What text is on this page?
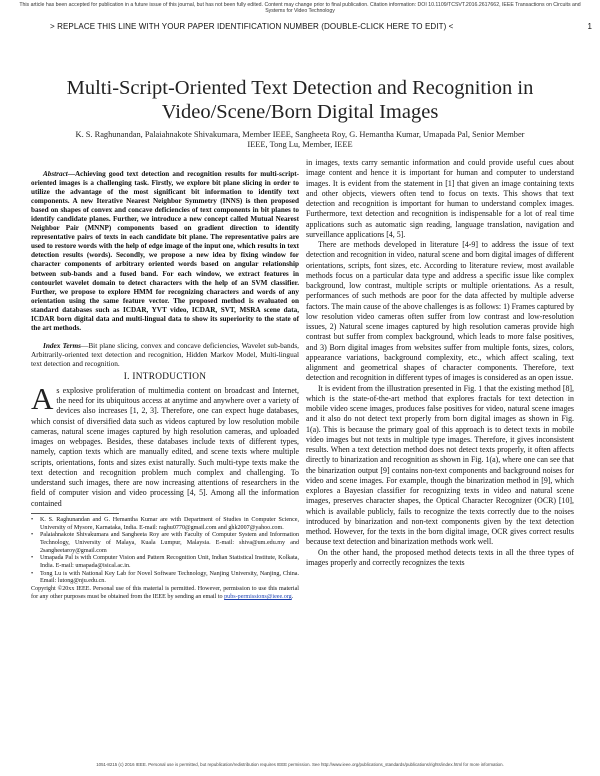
This article has been accepted for publication in a future issue of this journal, but has not been fully edited. Content may change prior to final publication. Citation information: DOI 10.1109/TCSVT.2016.2617662, IEEE Transactions on Circuits and Systems for Video Technology
> REPLACE THIS LINE WITH YOUR PAPER IDENTIFICATION NUMBER (DOUBLE-CLICK HERE TO EDIT) <	1
Multi-Script-Oriented Text Detection and Recognition in Video/Scene/Born Digital Images
K. S. Raghunandan, Palaiahnakote Shivakumara, Member IEEE, Sangheeta Roy, G. Hemantha Kumar, Umapada Pal, Senior Member IEEE, Tong Lu, Member, IEEE

Abstract—Achieving good text detection and recognition results for multi-script-oriented images is a challenging task. Firstly, we explore bit plane slicing in order to utilize the advantage of the most significant bit information to identify text components. A new Iterative Nearest Neighbor Symmetry (INNS) is then proposed based on shapes of convex and concave deficiencies of text components in bit planes to identify candidate planes. Further, we introduce a new concept called Mutual Nearest Neighbor Pair (MNNP) components based on gradient direction to identify representative pairs of texts in each candidate bit plane. The representative pairs are used to restore words with the help of edge image of the input one, which results in text detection results (words). Secondly, we propose a new idea by fixing window for character components of arbitrary oriented words based on angular relationship between sub-bands and a fused band. For each window, we extract features in contourlet wavelet domain to detect characters with the help of an SVM classifier. Further, we propose to explore HMM for recognizing characters and words of any orientation using the same feature vector. The proposed method is evaluated on standard databases such as ICDAR, YVT video, ICDAR, SVT, MSRA scene data, ICDAR born digital data and multi-lingual data to show its superiority to the state of the art methods.

Index Terms—Bit plane slicing, convex and concave deficiencies, Wavelet sub-bands, Arbitrarily-oriented text detection and recognition, Hidden Markov Model, Multi-lingual text detection and recognition.

I. INTRODUCTION

As explosive proliferation of multimedia content on broadcast and Internet, the need for its ubiquitous access at anytime and anywhere over a variety of devices also increases [1, 2, 3]. Therefore, one can expect huge databases, which consist of diversified data such as videos captured by low resolution mobile cameras, natural scene images captured by high resolution cameras, and uploaded images on webpages. Besides, these databases include texts of different types, namely, caption texts which are manually edited, and scene texts where multiple scripts, orientations, fonts and sizes exist naturally. Such multi-type texts make the text detection and recognition problem much complex and challenging. To understand such images, there are now increasing attentions of researchers in the field of computer vision and video processing [4, 5]. Among all the information contained

• K. S. Raghunandan and G. Hemantha Kumar are with Department of Studies in Computer Science, University of Mysore, Karnataka, India. E-mail: raghu0770@gmail.com and ghk2007@yahoo.com.
• Palaiahnakote Shivakumara and Sangheeta Roy are with Faculty of Computer System and Information Technology, University of Malaya, Kuala Lumpur, Malaysia. E-mail: shiva@um.edu.my and 2sangheetaroy@gmail.com
• Umapada Pal is with Computer Vision and Pattern Recognition Unit, Indian Statistical Institute, Kolkata, India. E-mail: umapada@isical.ac.in.
• Tong Lu is with National Key Lab for Novel Software Technology, Nanjing University, Nanjing, China. Email: lutong@nju.edu.cn.

Copyright ©20xx IEEE. Personal use of this material is permitted. However, permission to use this material for any other purposes must be obtained from the IEEE by sending an email to pubs-permissions@ieee.org.

in images, texts carry semantic information and could provide useful cues about image content and hence it is important for human and computer to understand images. It is evident from the statement in [1] that given an image containing texts and other objects, viewers often tend to focus on texts. This shows that text detection and recognition is important for human to understand complex images. Furthermore, text detection and recognition is indispensable for a lot of real time applications such as automatic sign reading, language translation, navigation and surveillance applications [4, 5].

There are methods developed in literature [4-9] to address the issue of text detection and recognition in video, natural scene and born digital images of different orientations, scripts, font sizes, etc. According to literature review, most available methods focus on a particular data type and address a specific issue like complex background, low contrast, multiple scripts or multiple orientations. As a result, performances of such methods are poor for the data affected by multiple adverse factors. The main cause of the above challenges is as follows: 1) Frames captured by low resolution video cameras often suffer from low contrast and low-resolution issues, 2) Natural scene images captured by high resolution cameras provide high contrast but suffer from complex background, which leads to more false positives, and 3) Born digital images from websites suffer from multiple fonts, sizes, colors, appearance variations, background complexity, etc., which affect scaling, text alignment and geometrical shapes of character components. Therefore, text detection and recognition in different types of images is considered as an open issue.

It is evident from the illustration presented in Fig. 1 that the existing method [8], which is the state-of-the-art method that explores fractals for text detection in mobile video scene images, produces false positives for video, natural scene images and it also do not detect text properly from born digital images as shown in Fig. 1(a). This is because the primary goal of this approach is to detect texts in mobile video images but not texts in multiple type images. Therefore, it gives inconsistent results. When a text detection method does not detect texts properly, it often affects directly to binarization and recognition as shown in Fig. 1(a), where one can see that the binarization output [9] contains non-text components and background noises for video and scene images. For example, though the binarization method in [9], which explores a Bayesian classifier for recognizing texts in video and natural scene images, preserves character shapes, the Optical Character Recognizer (OCR) [10], which is available publicly, fails to recognize the texts correctly due to the noises introduced by binarization and non-text components given by the text detection method. However, for the texts in the born digital image, OCR gives correct results because text detection and binarization methods work well.

On the other hand, the proposed method detects texts in all the three types of images properly and correctly recognizes the texts

1051-8215 (c) 2016 IEEE. Personal use is permitted, but republication/redistribution requires IEEE permission. See http://www.ieee.org/publications_standards/publications/rights/index.html for more information.
